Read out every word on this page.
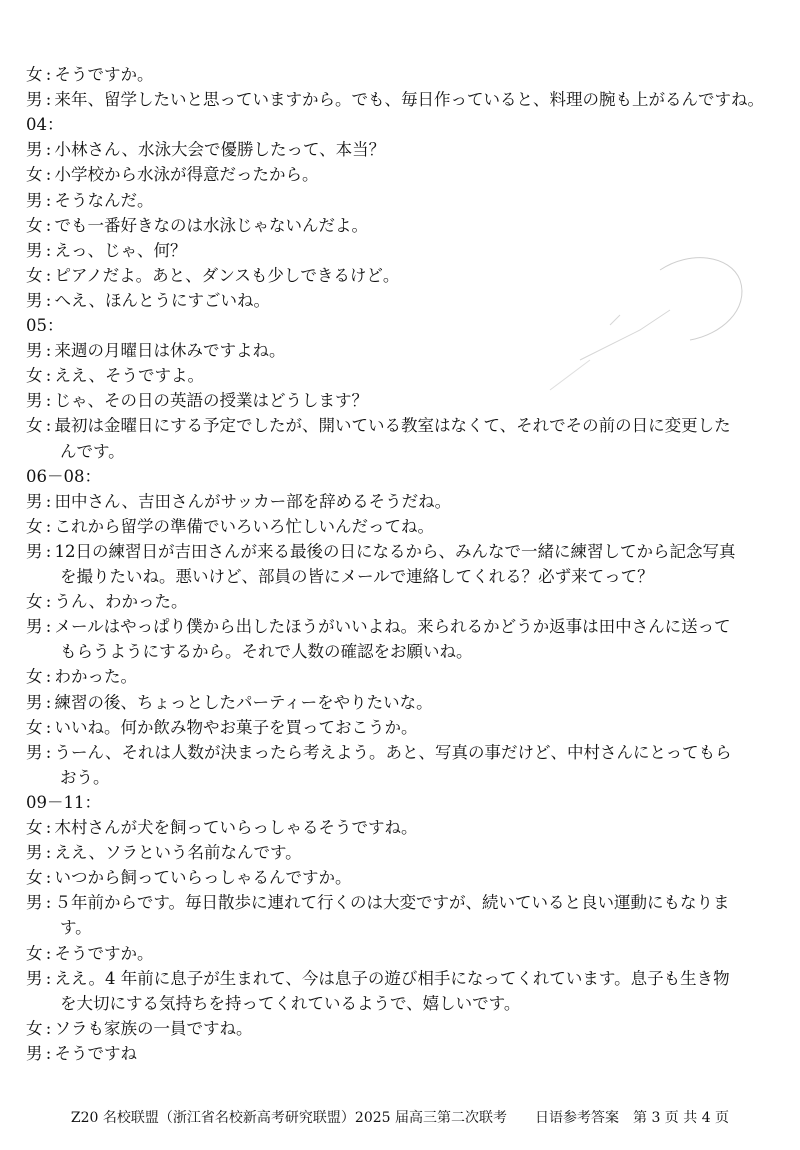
女 : そうですか。
男 : 来年、留学したいと思っていますから。でも、毎日作っていると、料理の腕も上がるんですね。
04：
男 : 小林さん、水泳大会で優勝したって、本当？
女 : 小学校から水泳が得意だったから。
男 : そうなんだ。
女 : でも一番好きなのは水泳じゃないんだよ。
男 : えっ、じゃ、何？
女 : ピアノだよ。あと、ダンスも少しできるけど。
男 : へえ、ほんとうにすごいね。
05：
男 : 来週の月曜日は休みですよね。
女 : ええ、そうですよ。
男 : じゃ、その日の英語の授業はどうします？
女 : 最初は金曜日にする予定でしたが、開いている教室はなくて、それでその前の日に変更した
んです。
06－08：
男 : 田中さん、吉田さんがサッカー部を辞めるそうだね。
女 : これから留学の準備でいろいろ忙しいんだってね。
男 : 12日の練習日が吉田さんが来る最後の日になるから、みんなで一緒に練習してから記念写真
を撮りたいね。悪いけど、部員の皆にメールで連絡してくれる？必ず来てって？
女 : うん、わかった。
男 : メールはやっぱり僕から出したほうがいいよね。来られるかどうか返事は田中さんに送って
もらうようにするから。それで人数の確認をお願いね。
女 : わかった。
男 : 練習の後、ちょっとしたパーティーをやりたいな。
女 : いいね。何か飲み物やお菓子を買っておこうか。
男 : うーん、それは人数が決まったら考えよう。あと、写真の事だけど、中村さんにとってもら
おう。
09－11：
女 : 木村さんが犬を飼っていらっしゃるそうですね。
男 : ええ、ソラという名前なんです。
女 : いつから飼っていらっしゃるんですか。
男 : ５年前からです。毎日散歩に連れて行くのは大変ですが、続いていると良い運動にもなりま
す。
女 : そうですか。
男 : ええ。4 年前に息子が生まれて、今は息子の遊び相手になってくれています。息子も生き物
を大切にする気持ちを持ってくれているようで、嬉しいです。
女 : ソラも家族の一員ですね。
男 : そうですね
Z20 名校联盟（浙江省名校新高考研究联盟）2025 届高三第二次联考　　日语参考答案　第 3 页 共 4 页
